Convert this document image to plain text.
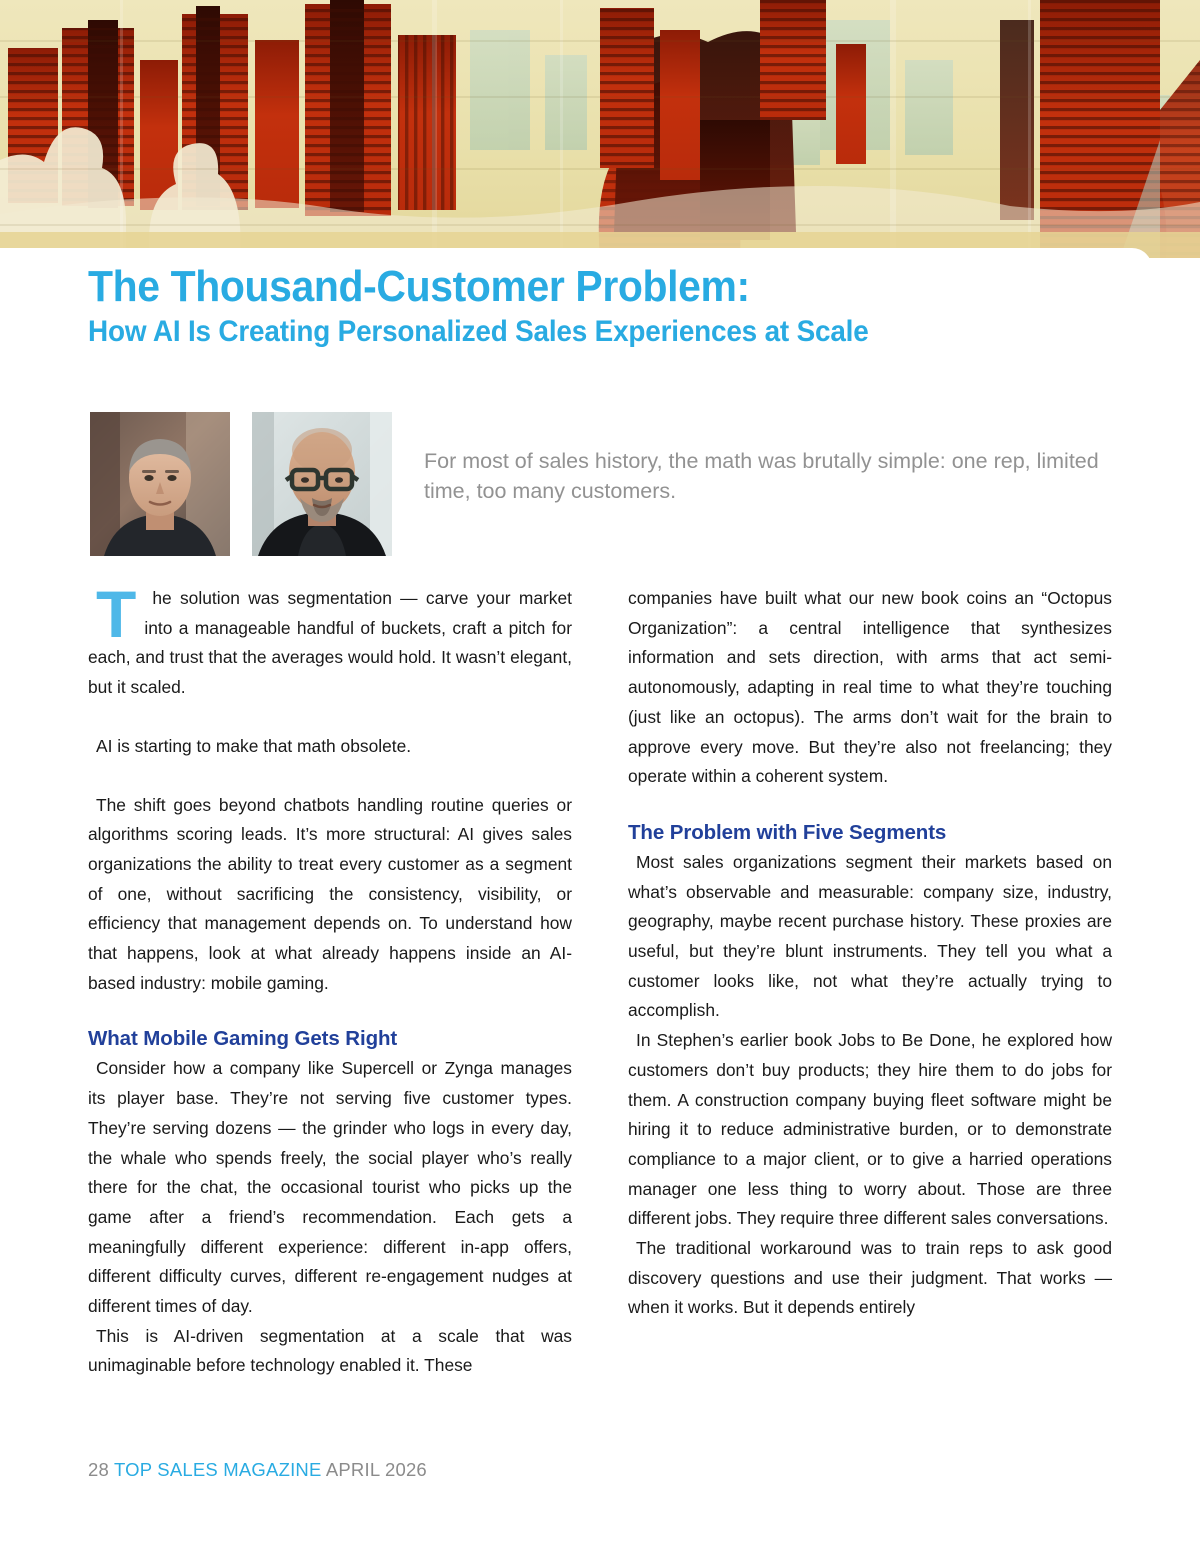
The Thousand-Customer Problem:
How AI Is Creating Personalized Sales Experiences at Scale
For most of sales history, the math was brutally simple: one rep, limited time, too many customers.

The solution was segmentation — carve your market into a manageable handful of buckets, craft a pitch for each, and trust that the averages would hold. It wasn’t elegant, but it scaled.

AI is starting to make that math obsolete.

The shift goes beyond chatbots handling routine queries or algorithms scoring leads. It’s more structural: AI gives sales organizations the ability to treat every customer as a segment of one, without sacrificing the consistency, visibility, or efficiency that management depends on. To understand how that happens, look at what already happens inside an AI-based industry: mobile gaming.

What Mobile Gaming Gets Right

Consider how a company like Supercell or Zynga manages its player base. They’re not serving five customer types. They’re serving dozens — the grinder who logs in every day, the whale who spends freely, the social player who’s really there for the chat, the occasional tourist who picks up the game after a friend’s recommendation. Each gets a meaningfully different experience: different in-app offers, different difficulty curves, different re-engagement nudges at different times of day.

This is AI-driven segmentation at a scale that was unimaginable before technology enabled it. These

companies have built what our new book coins an “Octopus Organization”: a central intelligence that synthesizes information and sets direction, with arms that act semi-autonomously, adapting in real time to what they’re touching (just like an octopus). The arms don’t wait for the brain to approve every move. But they’re also not freelancing; they operate within a coherent system.

The Problem with Five Segments

Most sales organizations segment their markets based on what’s observable and measurable: company size, industry, geography, maybe recent purchase history. These proxies are useful, but they’re blunt instruments. They tell you what a customer looks like, not what they’re actually trying to accomplish.

In Stephen’s earlier book Jobs to Be Done, he explored how customers don’t buy products; they hire them to do jobs for them. A construction company buying fleet software might be hiring it to reduce administrative burden, or to demonstrate compliance to a major client, or to give a harried operations manager one less thing to worry about. Those are three different jobs. They require three different sales conversations.

The traditional workaround was to train reps to ask good discovery questions and use their judgment. That works — when it works. But it depends entirely

28 TOP SALES MAGAZINE APRIL 2026
